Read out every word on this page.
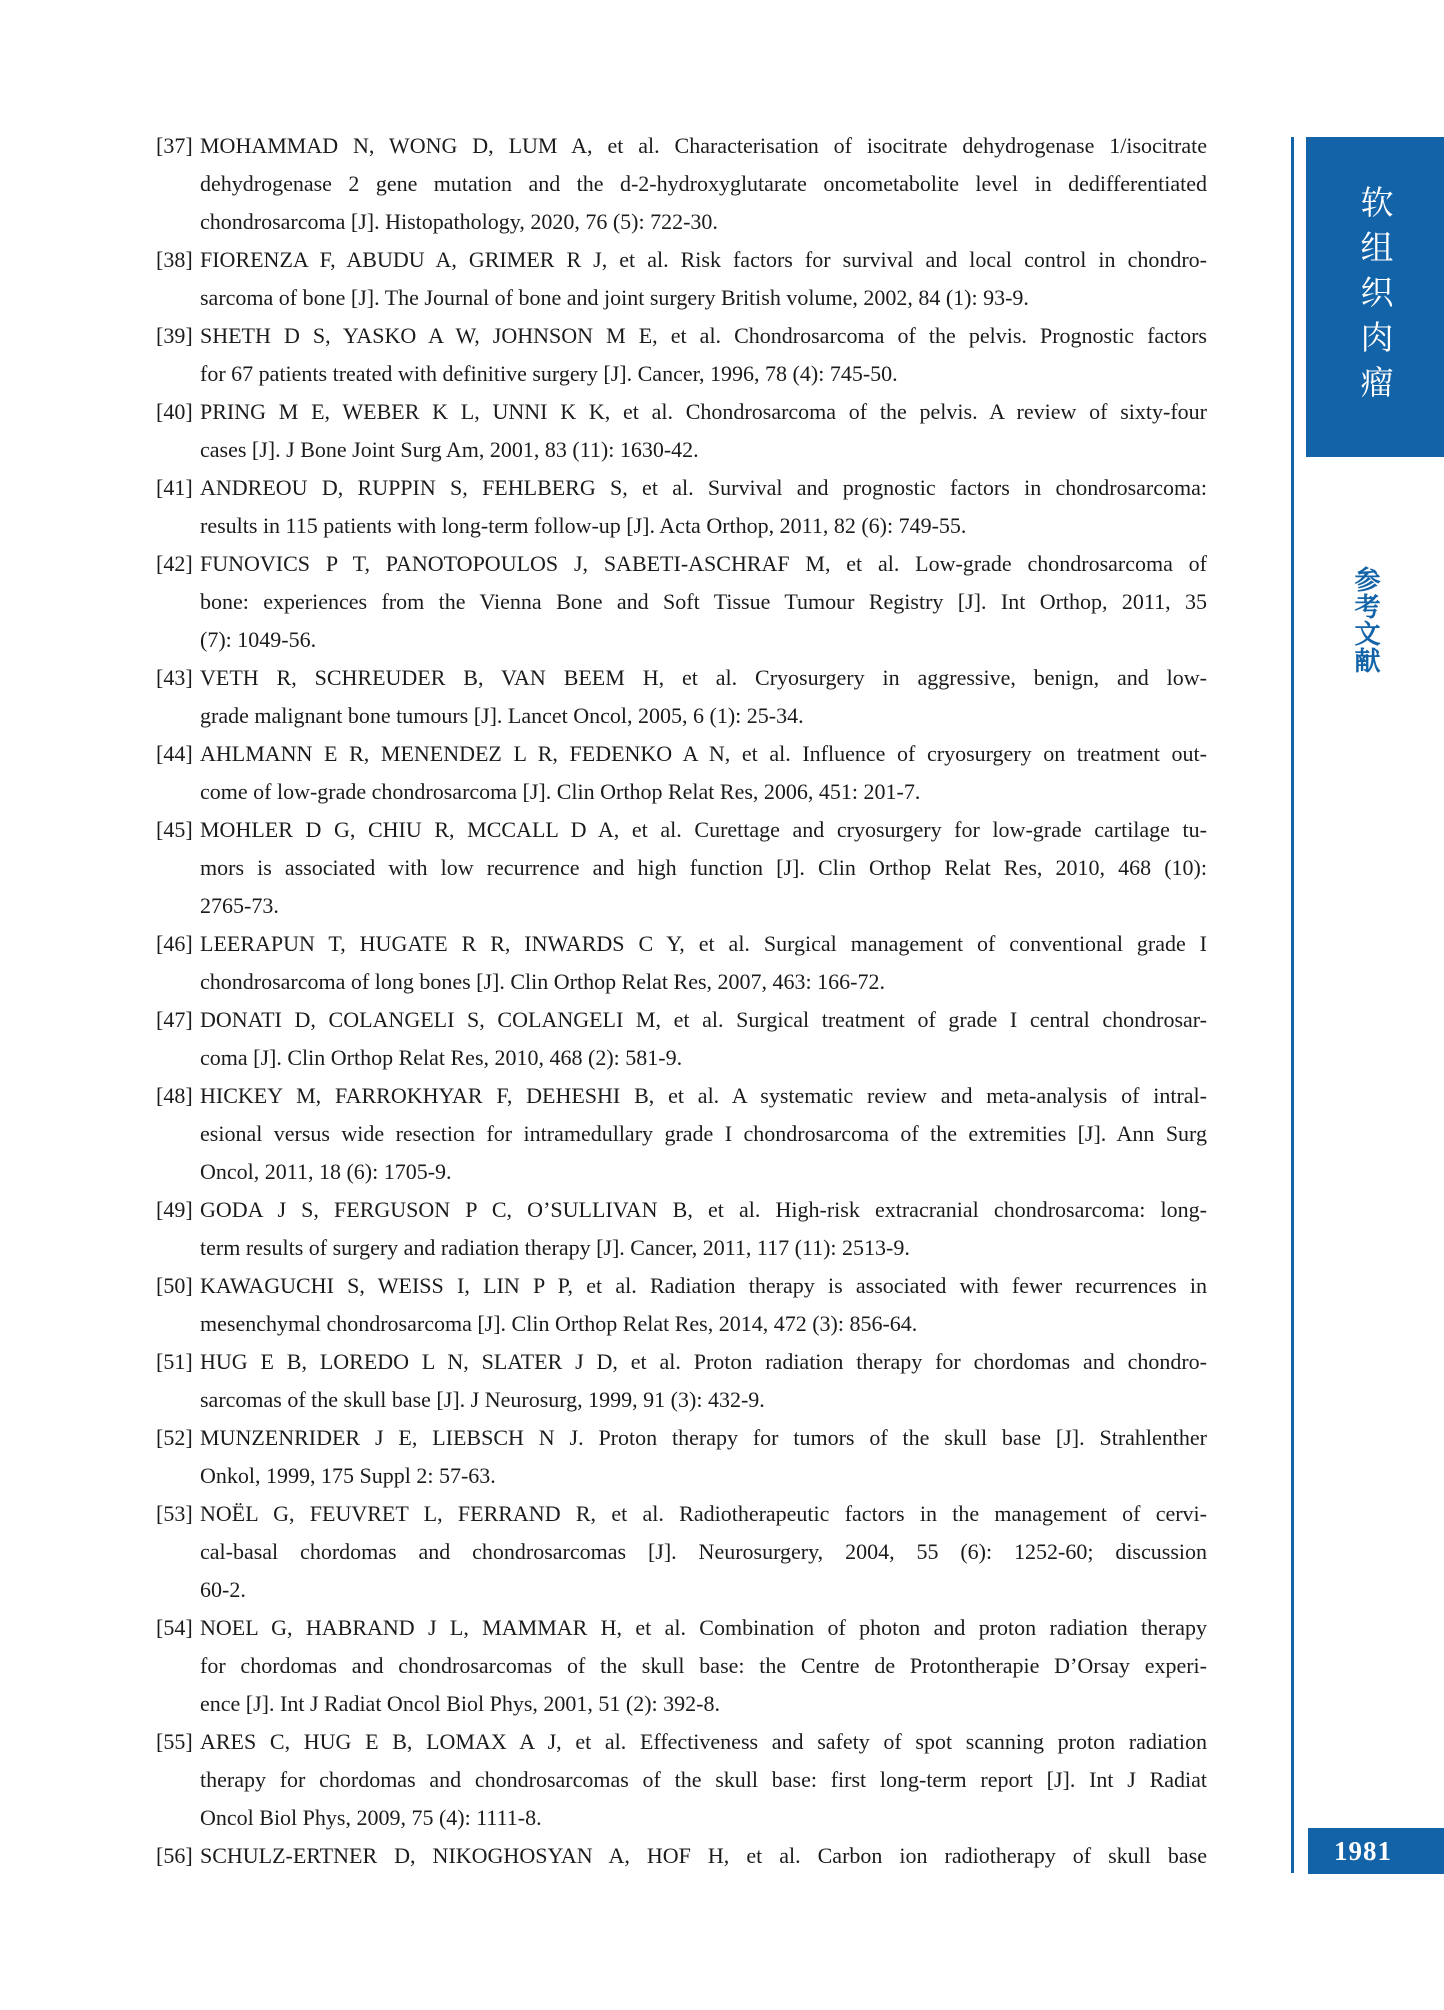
[37] MOHAMMAD N, WONG D, LUM A, et al. Characterisation of isocitrate dehydrogenase 1/isocitrate
dehydrogenase 2 gene mutation and the d-2-hydroxyglutarate oncometabolite level in dedifferentiated
chondrosarcoma [J]. Histopathology, 2020, 76 (5): 722-30.

[38] FIORENZA F, ABUDU A, GRIMER R J, et al. Risk factors for survival and local control in chondro-
sarcoma of bone [J]. The Journal of bone and joint surgery British volume, 2002, 84 (1): 93-9.

[39] SHETH D S, YASKO A W, JOHNSON M E, et al. Chondrosarcoma of the pelvis. Prognostic factors
for 67 patients treated with definitive surgery [J]. Cancer, 1996, 78 (4): 745-50.

[40] PRING M E, WEBER K L, UNNI K K, et al. Chondrosarcoma of the pelvis. A review of sixty-four
cases [J]. J Bone Joint Surg Am, 2001, 83 (11): 1630-42.

[41] ANDREOU D, RUPPIN S, FEHLBERG S, et al. Survival and prognostic factors in chondrosarcoma:
results in 115 patients with long-term follow-up [J]. Acta Orthop, 2011, 82 (6): 749-55.

[42] FUNOVICS P T, PANOTOPOULOS J, SABETI-ASCHRAF M, et al. Low-grade chondrosarcoma of
bone: experiences from the Vienna Bone and Soft Tissue Tumour Registry [J]. Int Orthop, 2011, 35
(7): 1049-56.

[43] VETH R, SCHREUDER B, VAN BEEM H, et al. Cryosurgery in aggressive, benign, and low-
grade malignant bone tumours [J]. Lancet Oncol, 2005, 6 (1): 25-34.

[44] AHLMANN E R, MENENDEZ L R, FEDENKO A N, et al. Influence of cryosurgery on treatment out-
come of low-grade chondrosarcoma [J]. Clin Orthop Relat Res, 2006, 451: 201-7.

[45] MOHLER D G, CHIU R, MCCALL D A, et al. Curettage and cryosurgery for low-grade cartilage tu-
mors is associated with low recurrence and high function [J]. Clin Orthop Relat Res, 2010, 468 (10):
2765-73.

[46] LEERAPUN T, HUGATE R R, INWARDS C Y, et al. Surgical management of conventional grade I
chondrosarcoma of long bones [J]. Clin Orthop Relat Res, 2007, 463: 166-72.

[47] DONATI D, COLANGELI S, COLANGELI M, et al. Surgical treatment of grade I central chondrosar-
coma [J]. Clin Orthop Relat Res, 2010, 468 (2): 581-9.

[48] HICKEY M, FARROKHYAR F, DEHESHI B, et al. A systematic review and meta-analysis of intral-
esional versus wide resection for intramedullary grade I chondrosarcoma of the extremities [J]. Ann Surg
Oncol, 2011, 18 (6): 1705-9.

[49] GODA J S, FERGUSON P C, O’SULLIVAN B, et al. High-risk extracranial chondrosarcoma: long-
term results of surgery and radiation therapy [J]. Cancer, 2011, 117 (11): 2513-9.

[50] KAWAGUCHI S, WEISS I, LIN P P, et al. Radiation therapy is associated with fewer recurrences in
mesenchymal chondrosarcoma [J]. Clin Orthop Relat Res, 2014, 472 (3): 856-64.

[51] HUG E B, LOREDO L N, SLATER J D, et al. Proton radiation therapy for chordomas and chondro-
sarcomas of the skull base [J]. J Neurosurg, 1999, 91 (3): 432-9.

[52] MUNZENRIDER J E, LIEBSCH N J. Proton therapy for tumors of the skull base [J]. Strahlenther
Onkol, 1999, 175 Suppl 2: 57-63.

[53] NOËL G, FEUVRET L, FERRAND R, et al. Radiotherapeutic factors in the management of cervi-
cal-basal chordomas and chondrosarcomas [J]. Neurosurgery, 2004, 55 (6): 1252-60; discussion
60-2.

[54] NOEL G, HABRAND J L, MAMMAR H, et al. Combination of photon and proton radiation therapy
for chordomas and chondrosarcomas of the skull base: the Centre de Protontherapie D’Orsay experi-
ence [J]. Int J Radiat Oncol Biol Phys, 2001, 51 (2): 392-8.

[55] ARES C, HUG E B, LOMAX A J, et al. Effectiveness and safety of spot scanning proton radiation
therapy for chordomas and chondrosarcomas of the skull base: first long-term report [J]. Int J Radiat
Oncol Biol Phys, 2009, 75 (4): 1111-8.

[56] SCHULZ-ERTNER D, NIKOGHOSYAN A, HOF H, et al. Carbon ion radiotherapy of skull base

软组织肉瘤
参考文献
1981
